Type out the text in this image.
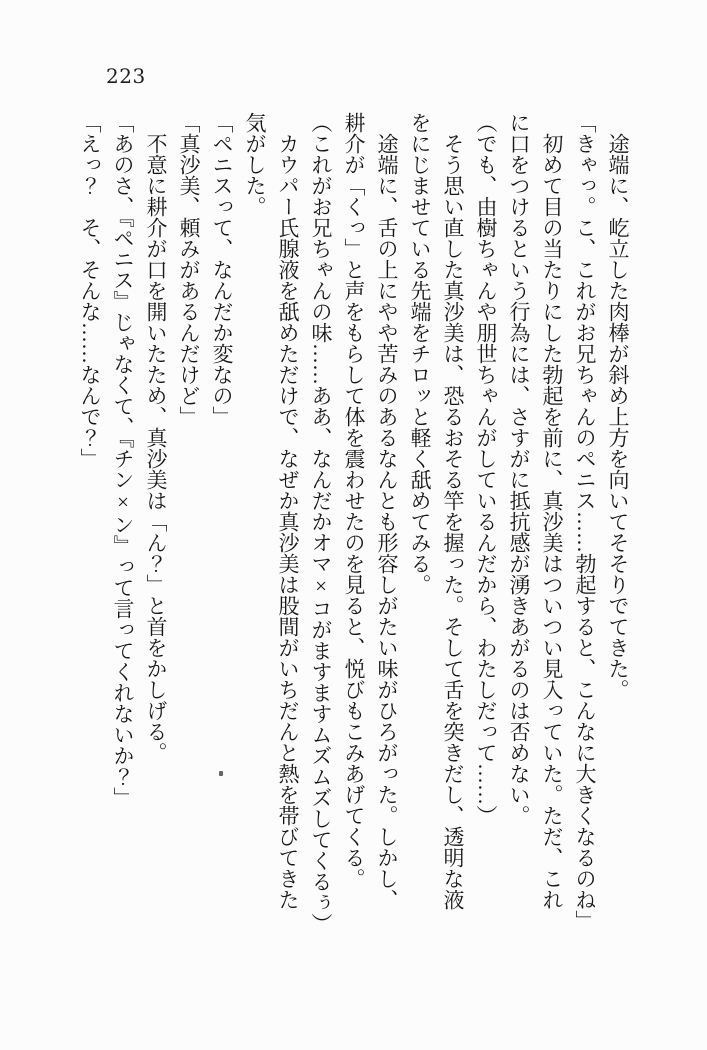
223
途端に、屹立した肉棒が斜め上方を向いてそそりでてきた。
「きゃっ。こ、これがお兄ちゃんのペニス……勃起すると、こんなに大きくなるのね」
初めて目の当たりにした勃起を前に、真沙美はついつい見入っていた。ただ、これ
に口をつけるという行為には、さすがに抵抗感が湧きあがるのは否めない。
（でも、由樹ちゃんや朋世ちゃんがしているんだから、わたしだって……）
そう思い直した真沙美は、恐るおそる竿を握った。そして舌を突きだし、透明な液
をにじませている先端をチロッと軽く舐めてみる。
途端に、舌の上にやや苦みのあるなんとも形容しがたい味がひろがった。しかし、
耕介が「くっ」と声をもらして体を震わせたのを見ると、悦びもこみあげてくる。
（これがお兄ちゃんの味……ああ、なんだかオマ×コがますますムズムズしてくるぅ）
カウパー氏腺液を舐めただけで、なぜか真沙美は股間がいちだんと熱を帯びてきた
気がした。
「ペニスって、なんだか変なの」
「真沙美、頼みがあるんだけど」
不意に耕介が口を開いたため、真沙美は「ん？」と首をかしげる。
「あのさ、『ペニス』じゃなくて、『チン×ン』って言ってくれないか？」
「えっ？　そ、そんな……なんで？」
